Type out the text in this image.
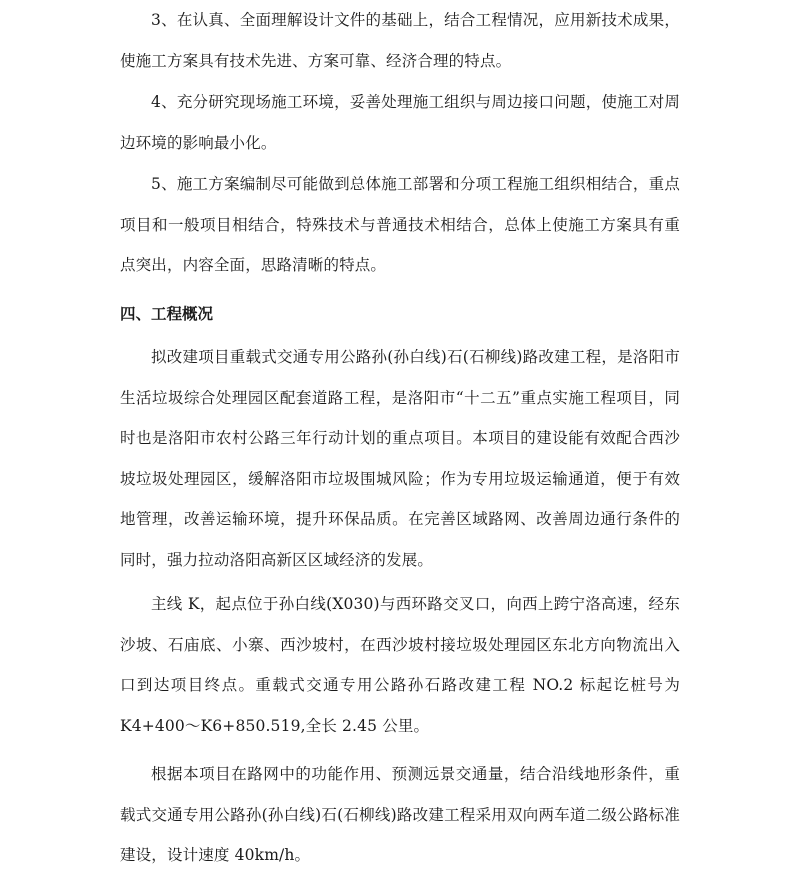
3、在认真、全面理解设计文件的基础上，结合工程情况，应用新技术成果，使施工方案具有技术先进、方案可靠、经济合理的特点。

4、充分研究现场施工环境，妥善处理施工组织与周边接口问题，使施工对周边环境的影响最小化。

5、施工方案编制尽可能做到总体施工部署和分项工程施工组织相结合，重点项目和一般项目相结合，特殊技术与普通技术相结合，总体上使施工方案具有重点突出，内容全面，思路清晰的特点。

四、工程概况

拟改建项目重载式交通专用公路孙(孙白线)石(石柳线)路改建工程，是洛阳市生活垃圾综合处理园区配套道路工程，是洛阳市“十二五”重点实施工程项目，同时也是洛阳市农村公路三年行动计划的重点项目。本项目的建设能有效配合西沙坡垃圾处理园区，缓解洛阳市垃圾围城风险；作为专用垃圾运输通道，便于有效地管理，改善运输环境，提升环保品质。在完善区域路网、改善周边通行条件的同时，强力拉动洛阳高新区区域经济的发展。

主线 K，起点位于孙白线(X030)与西环路交叉口，向西上跨宁洛高速，经东沙坡、石庙底、小寨、西沙坡村，在西沙坡村接垃圾处理园区东北方向物流出入口到达项目终点。重载式交通专用公路孙石路改建工程 NO.2 标起讫桩号为K4+400～K6+850.519,全长 2.45 公里。

根据本项目在路网中的功能作用、预测远景交通量，结合沿线地形条件，重载式交通专用公路孙(孙白线)石(石柳线)路改建工程采用双向两车道二级公路标准建设，设计速度 40km/h。
